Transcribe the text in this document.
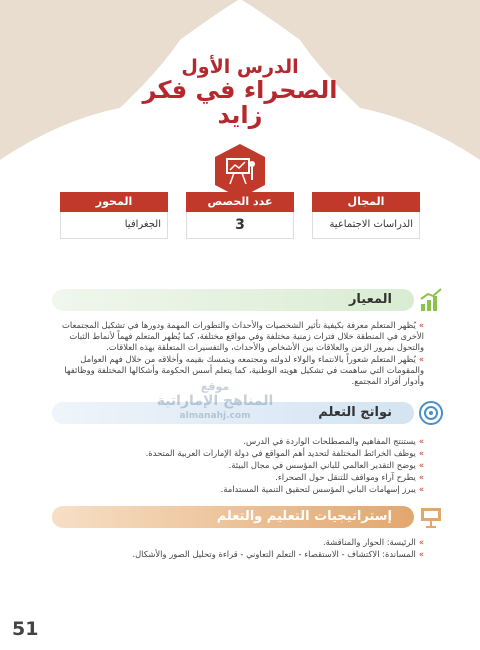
الدرس الأول
الصحراء في فكر
زايد
المجال
الدراسات الاجتماعية
عدد الحصص
3
المحور
الجغرافيا
المعيار
» يُظهر المتعلم معرفة بكيفية تأثير الشخصيات والأحداث والتطورات المهمة ودورها في تشكيل المجتمعات الأخرى في المنطقة خلال فترات زمنية مختلفة وفي مواقع مختلفة، كما يُظهر المتعلم فهماً لأنماط الثبات والتحول بمرور الزمن والعلاقات بين الأشخاص والأحداث، والتفسيرات المتعلقة بهذه العلاقات.
» يُظهر المتعلم شعوراً بالانتماء والولاء لدولته ومجتمعه ويتمسك بقيمه وأخلاقه من خلال فهم العوامل والمقومات التي ساهمت في تشكيل هويته الوطنية، كما يتعلم أسس الحكومة وأشكالها المختلفة ووظائفها وأدوار أفراد المجتمع.
نواتج التعلم
» يستنتج المفاهيم والمصطلحات الواردة في الدرس.
» يوظف الخرائط المختلفة لتحديد أهم المواقع في دولة الإمارات العربية المتحدة.
» يوضح التقدير العالمي للباني المؤسس في مجال البيئة.
» يطرح آراء ومواقف للتنقل حول الصحراء.
» يبرز إسهامات الباني المؤسس لتحقيق التنمية المستدامة.
موقع
المناهج الإماراتية
almanahj.com
إستراتيجيات التعليم والتعلم
» الرئيسة: الحوار والمناقشة.
» المساندة: الاكتشاف - الاستقصاء - التعلم التعاوني - قراءة وتحليل الصور والأشكال.
51
